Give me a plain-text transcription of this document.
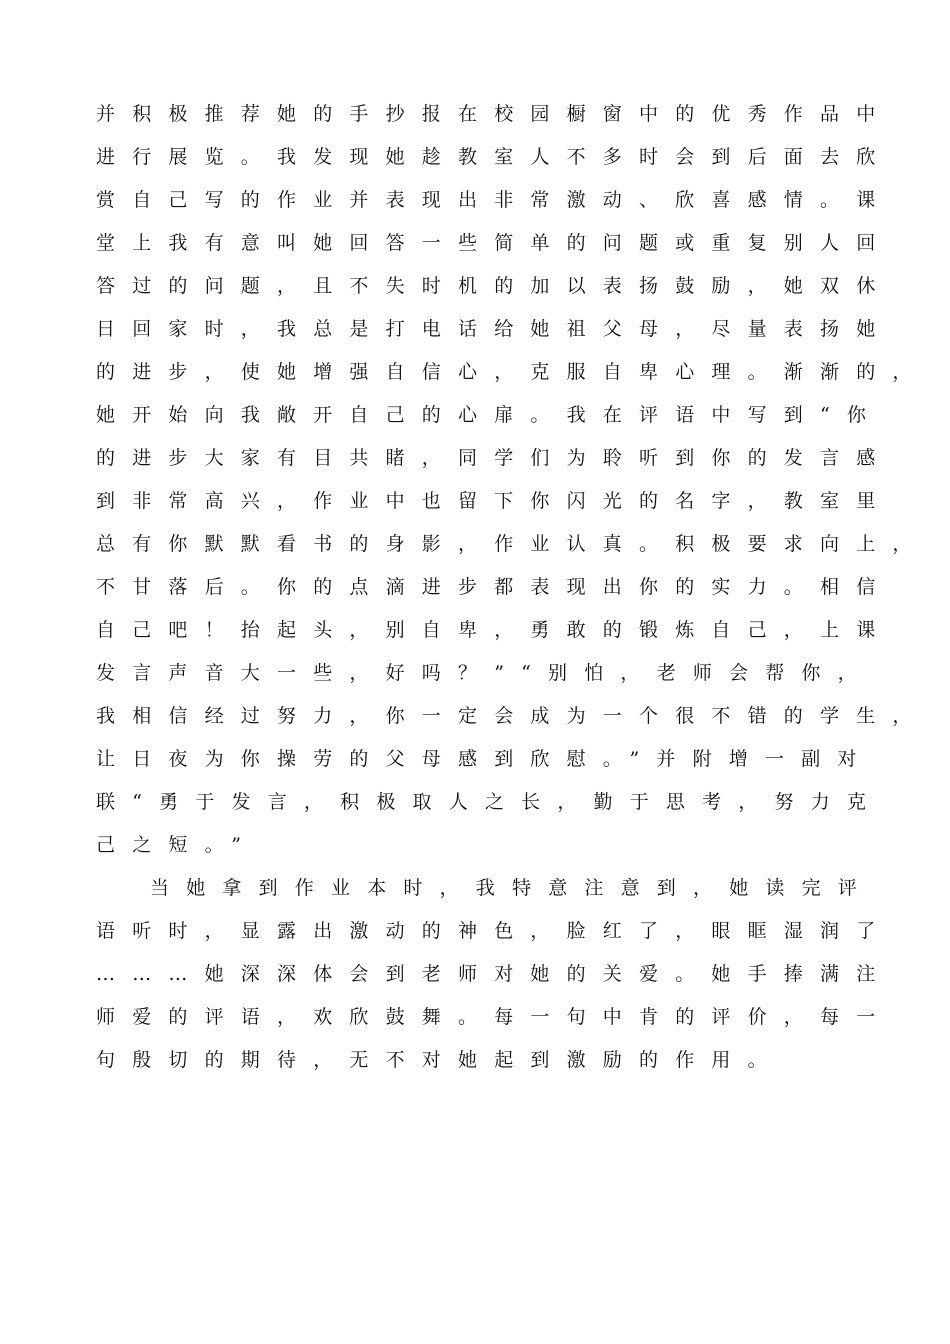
并积极推荐她的手抄报在校园橱窗中的优秀作品中
进行展览。我发现她趁教室人不多时会到后面去欣
赏自己写的作业并表现出非常激动、欣喜感情。课
堂上我有意叫她回答一些简单的问题或重复别人回
答过的问题，且不失时机的加以表扬鼓励，她双休
日回家时，我总是打电话给她祖父母，尽量表扬她
的进步，使她增强自信心，克服自卑心理。渐渐的，
她开始向我敞开自己的心扉。我在评语中写到“你
的进步大家有目共睹，同学们为聆听到你的发言感
到非常高兴，作业中也留下你闪光的名字，教室里
总有你默默看书的身影，作业认真。积极要求向上，
不甘落后。你的点滴进步都表现出你的实力。相信
自己吧！抬起头，别自卑，勇敢的锻炼自己，上课
发言声音大一些，好吗？”“别怕，老师会帮你，
我相信经过努力，你一定会成为一个很不错的学生，
让日夜为你操劳的父母感到欣慰。”并附增一副对
联“勇于发言，积极取人之长，勤于思考，努力克
己之短。”
当她拿到作业本时，我特意注意到，她读完评
语听时，显露出激动的神色，脸红了，眼眶湿润了
………她深深体会到老师对她的关爱。她手捧满注
师爱的评语，欢欣鼓舞。每一句中肯的评价，每一
句殷切的期待，无不对她起到激励的作用。
